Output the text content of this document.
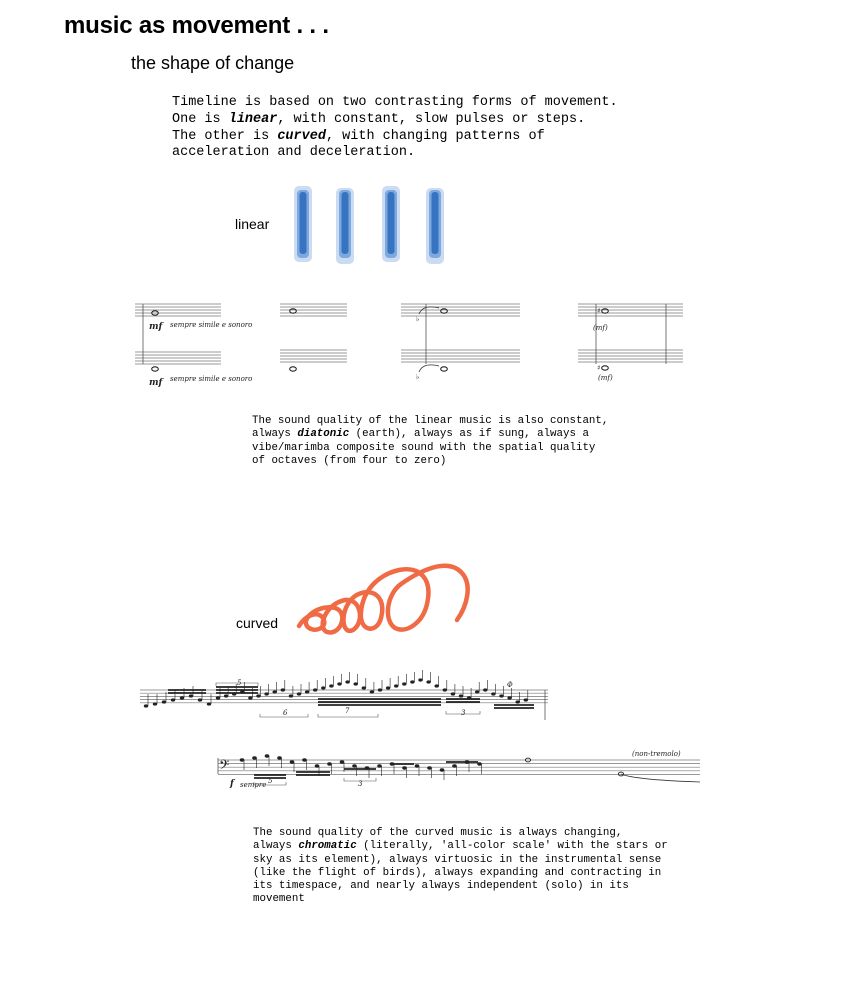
music as movement . . .
the shape of change
Timeline is based on two contrasting forms of movement.
One is linear, with constant, slow pulses or steps.
The other is curved, with changing patterns of
acceleration and deceleration.
linear
♭
♭
♯
♯
mf
mf
sempre simile e sonoro
sempre simile e sonoro
(mf)
(mf)
The sound quality of the linear music is also constant,
always diatonic (earth), always as if sung, always a
vibe/marimba composite sound with the spatial quality
of octaves (from four to zero)
curved
5
6	7	3
Φ
𝄢
5	3
f sempre
(non-tremolo)
The sound quality of the curved music is always changing,
always chromatic (literally, 'all-color scale' with the stars or
sky as its element), always virtuosic in the instrumental sense
(like the flight of birds), always expanding and contracting in
its timespace, and nearly always independent (solo) in its
movement
